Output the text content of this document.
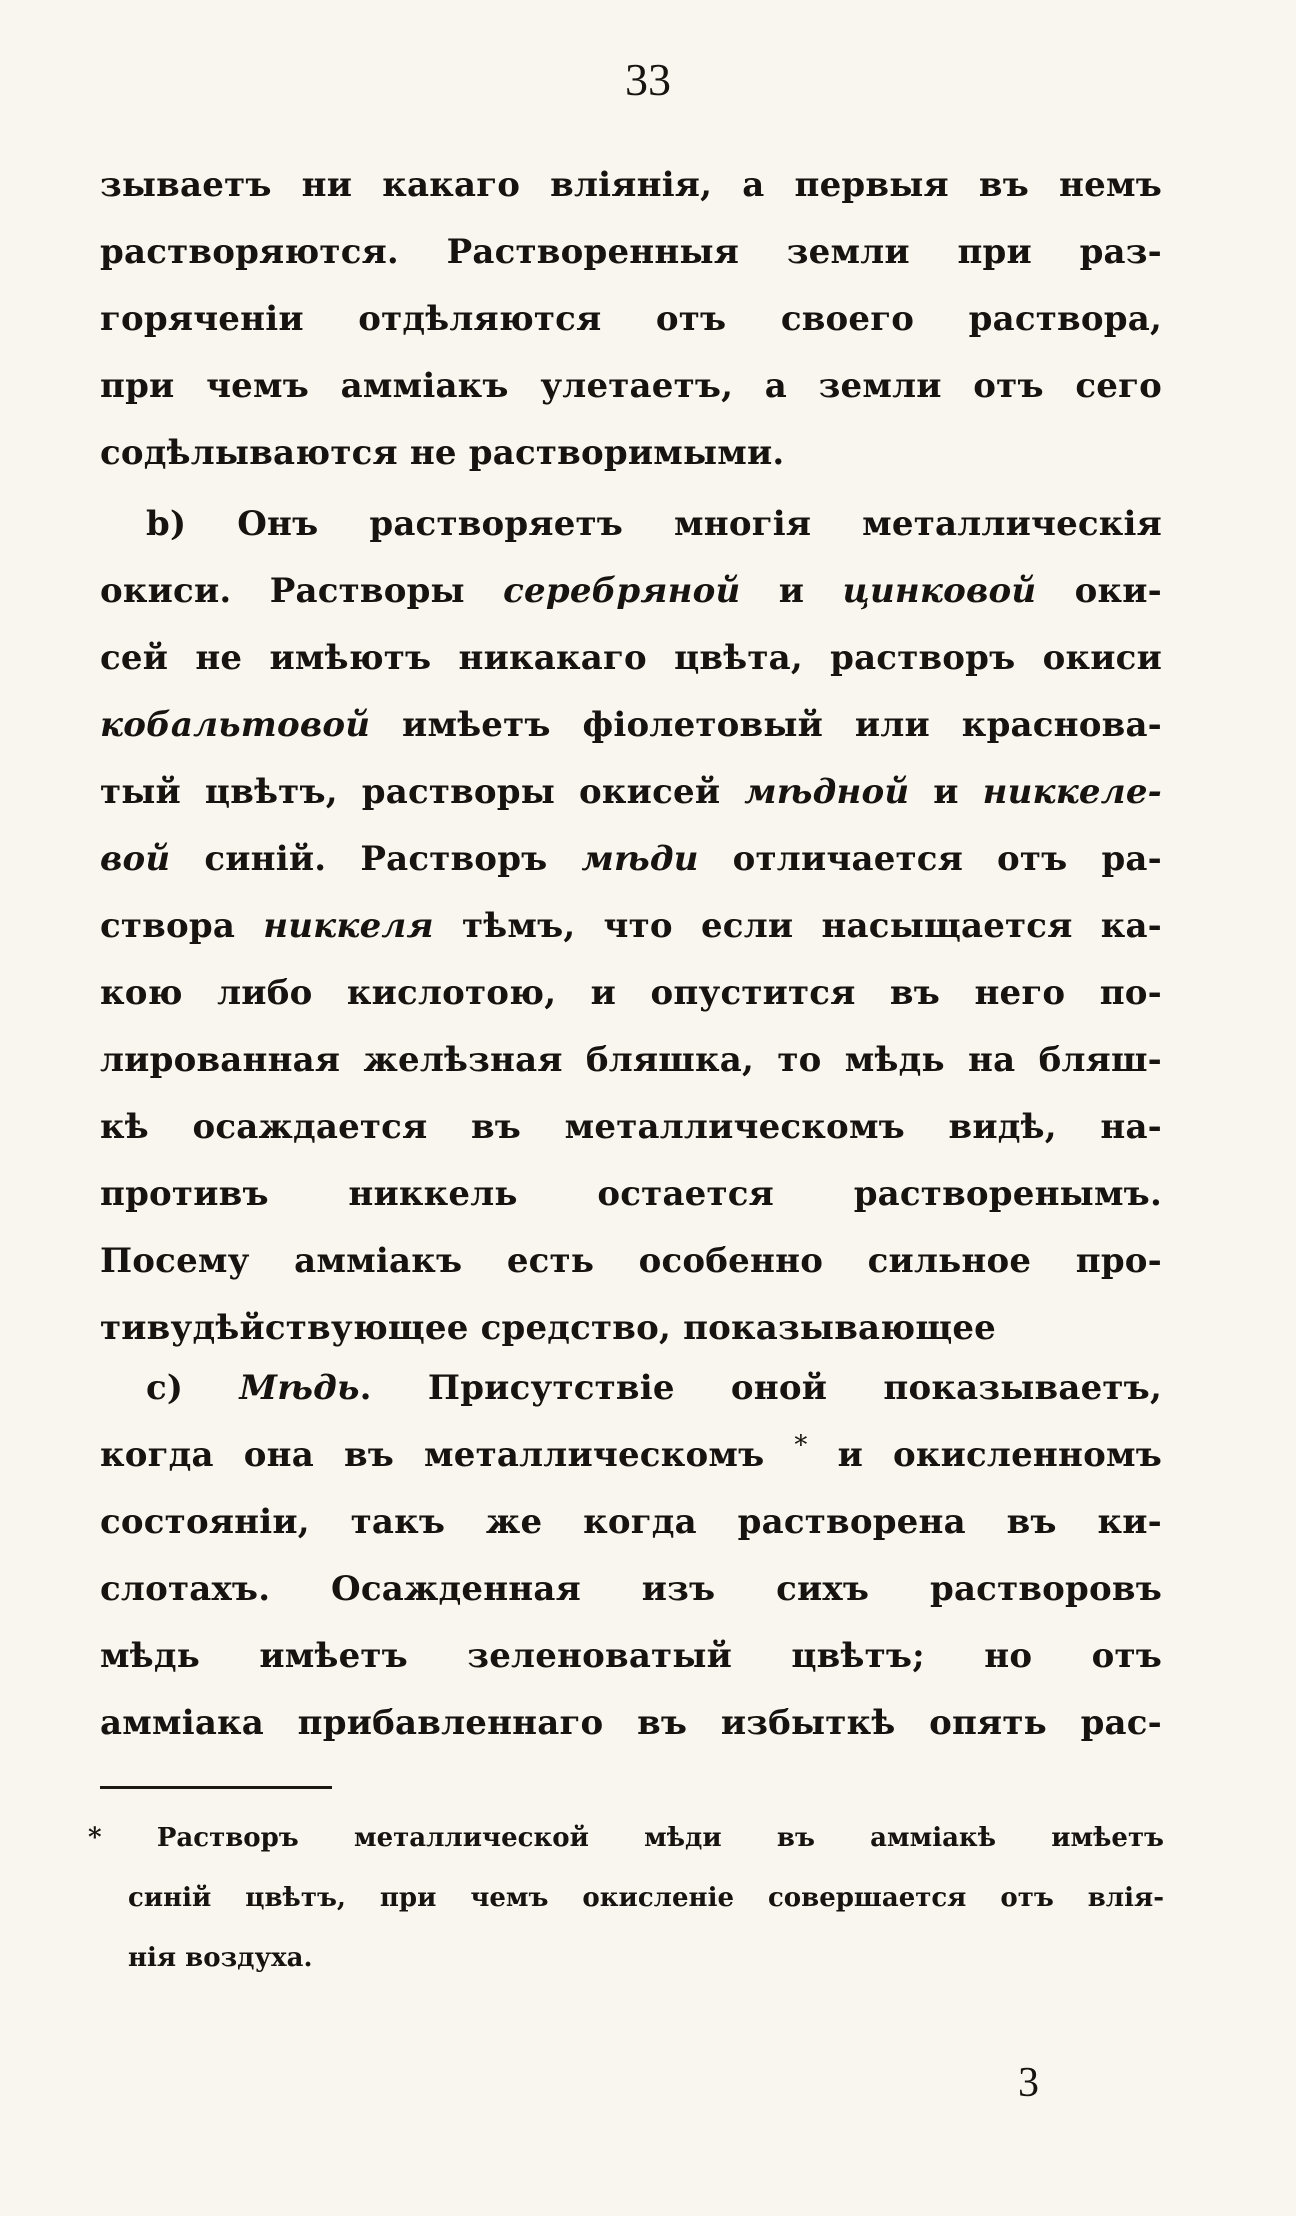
33
зываетъ ни какаго вліянія, а первыя въ немъ
растворяются. Растворенныя земли при раз-
горяченіи отдѣляются отъ своего раствора,
при чемъ амміакъ улетаетъ, а земли отъ сего
содѣлываются не растворимыми.
b) Онъ растворяетъ многія металлическія
окиси. Растворы серебряной и цинковой оки-
сей не имѣютъ никакаго цвѣта, растворъ окиси
кобальтовой имѣетъ фіолетовый или краснова-
тый цвѣтъ, растворы окисей мѣдной и никкеле-
вой синій. Растворъ мѣди отличается отъ ра-
створа никкеля тѣмъ, что если насыщается ка-
кою либо кислотою, и опустится въ него по-
лированная желѣзная бляшка, то мѣдь на бляш-
кѣ осаждается въ металлическомъ видѣ, на-
противъ никкель остается растворенымъ.
Посему амміакъ есть особенно сильное про-
тивудѣйствующее средство, показывающее
c) Мѣдь. Присутствіе оной показываетъ,
когда она въ металлическомъ * и окисленномъ
состояніи, такъ же когда растворена въ ки-
слотахъ. Осажденная изъ сихъ растворовъ
мѣдь имѣетъ зеленоватый цвѣтъ; но отъ
амміака прибавленнаго въ избыткѣ опять рас-
* Растворъ металлической мѣди въ амміакѣ имѣетъ
синій цвѣтъ, при чемъ окисленіе совершается отъ влія-
нія воздуха.
3
